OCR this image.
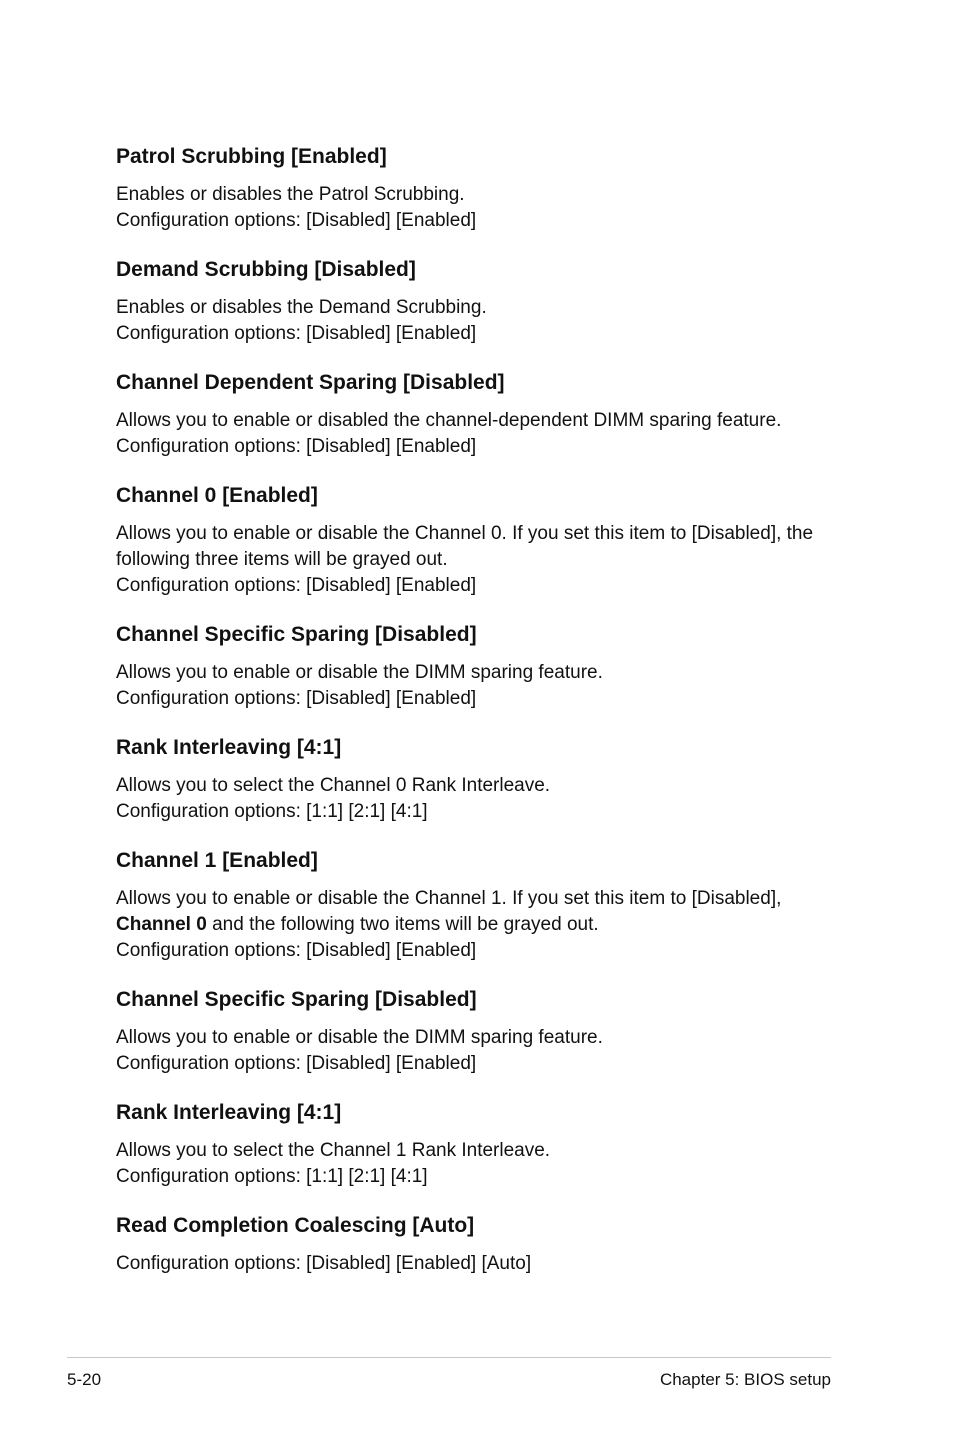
Patrol Scrubbing [Enabled]

Enables or disables the Patrol Scrubbing.

Configuration options: [Disabled] [Enabled]

Demand Scrubbing [Disabled]

Enables or disables the Demand Scrubbing.

Configuration options: [Disabled] [Enabled]

Channel Dependent Sparing [Disabled]

Allows you to enable or disabled the channel-dependent DIMM sparing feature.

Configuration options: [Disabled] [Enabled]

Channel 0 [Enabled]

Allows you to enable or disable the Channel 0. If you set this item to [Disabled], the

following three items will be grayed out.

Configuration options: [Disabled] [Enabled]

Channel Specific Sparing [Disabled]

Allows you to enable or disable the DIMM sparing feature.

Configuration options: [Disabled] [Enabled]

Rank Interleaving [4:1]

Allows you to select the Channel 0 Rank Interleave.

Configuration options: [1:1] [2:1] [4:1]

Channel 1 [Enabled]

Allows you to enable or disable the Channel 1. If you set this item to [Disabled],

Channel 0 and the following two items will be grayed out.

Configuration options: [Disabled] [Enabled]

Channel Specific Sparing [Disabled]

Allows you to enable or disable the DIMM sparing feature.

Configuration options: [Disabled] [Enabled]

Rank Interleaving [4:1]

Allows you to select the Channel 1 Rank Interleave.

Configuration options: [1:1] [2:1] [4:1]

Read Completion Coalescing [Auto]

Configuration options: [Disabled] [Enabled] [Auto]

5-20	Chapter 5: BIOS setup
